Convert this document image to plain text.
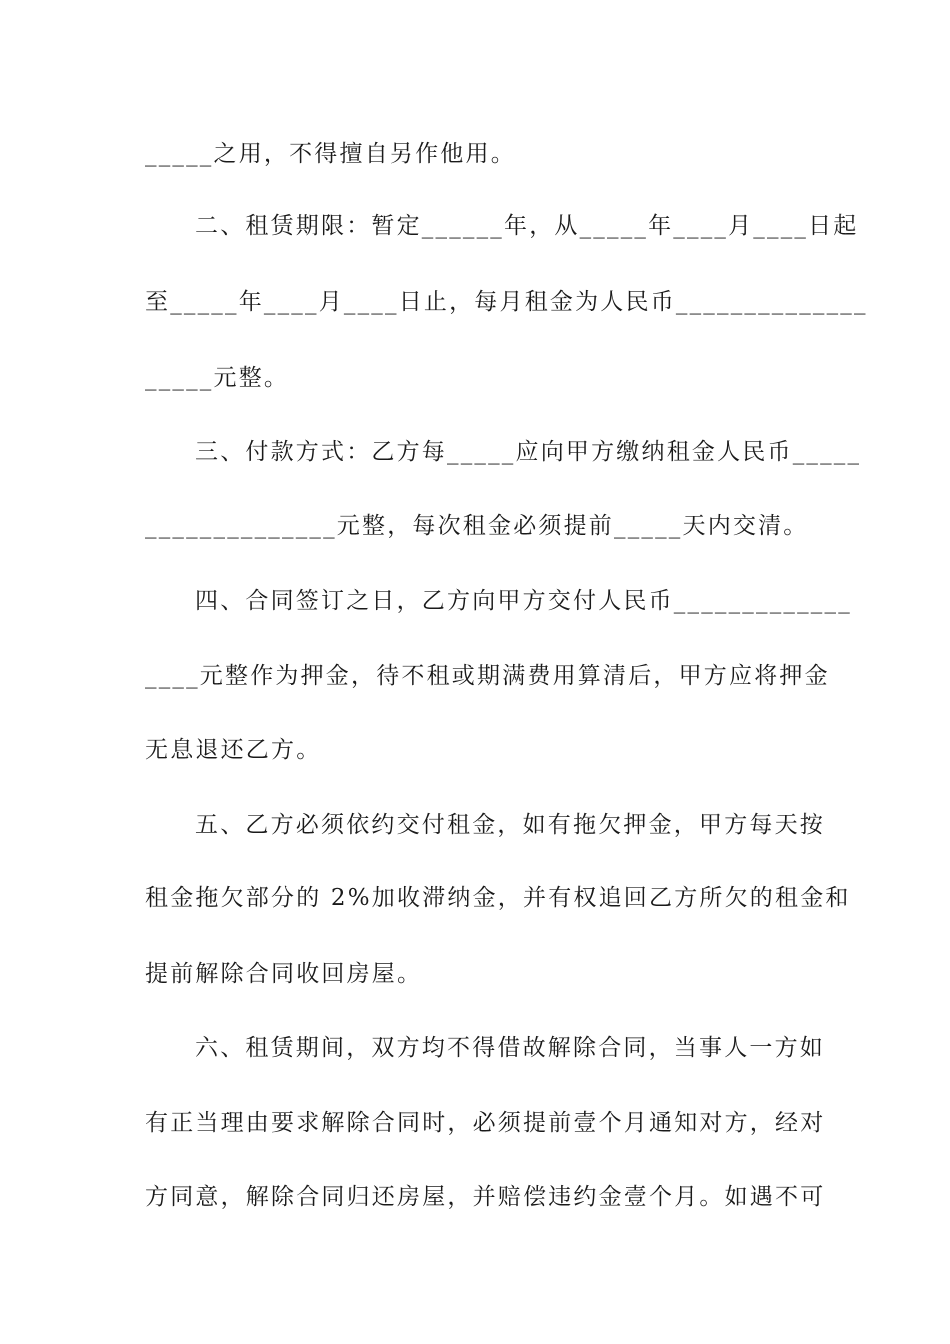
_____之用，不得擅自另作他用。
二、租赁期限：暂定______年，从_____年____月____日起
至_____年____月____日止，每月租金为人民币______________
_____元整。
三、付款方式：乙方每_____应向甲方缴纳租金人民币_____
______________元整，每次租金必须提前_____天内交清。
四、合同签订之日，乙方向甲方交付人民币_____________
____元整作为押金，待不租或期满费用算清后，甲方应将押金
无息退还乙方。
五、乙方必须依约交付租金，如有拖欠押金，甲方每天按
租金拖欠部分的 2%加收滞纳金，并有权追回乙方所欠的租金和
提前解除合同收回房屋。
六、租赁期间，双方均不得借故解除合同，当事人一方如
有正当理由要求解除合同时，必须提前壹个月通知对方，经对
方同意，解除合同归还房屋，并赔偿违约金壹个月。如遇不可
